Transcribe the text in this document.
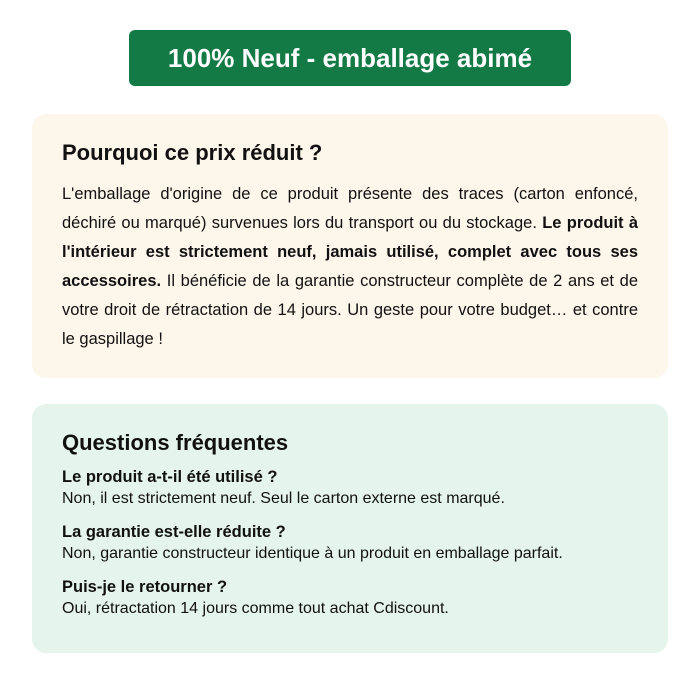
100% Neuf - emballage abimé
Pourquoi ce prix réduit ?

L'emballage d'origine de ce produit présente des traces (carton enfoncé, déchiré ou marqué) survenues lors du transport ou du stockage. Le produit à l'intérieur est strictement neuf, jamais utilisé, complet avec tous ses accessoires. Il bénéficie de la garantie constructeur complète de 2 ans et de votre droit de rétractation de 14 jours. Un geste pour votre budget… et contre le gaspillage !

Questions fréquentes
Le produit a-t-il été utilisé ?
Non, il est strictement neuf. Seul le carton externe est marqué.
La garantie est-elle réduite ?
Non, garantie constructeur identique à un produit en emballage parfait.
Puis-je le retourner ?
Oui, rétractation 14 jours comme tout achat Cdiscount.
